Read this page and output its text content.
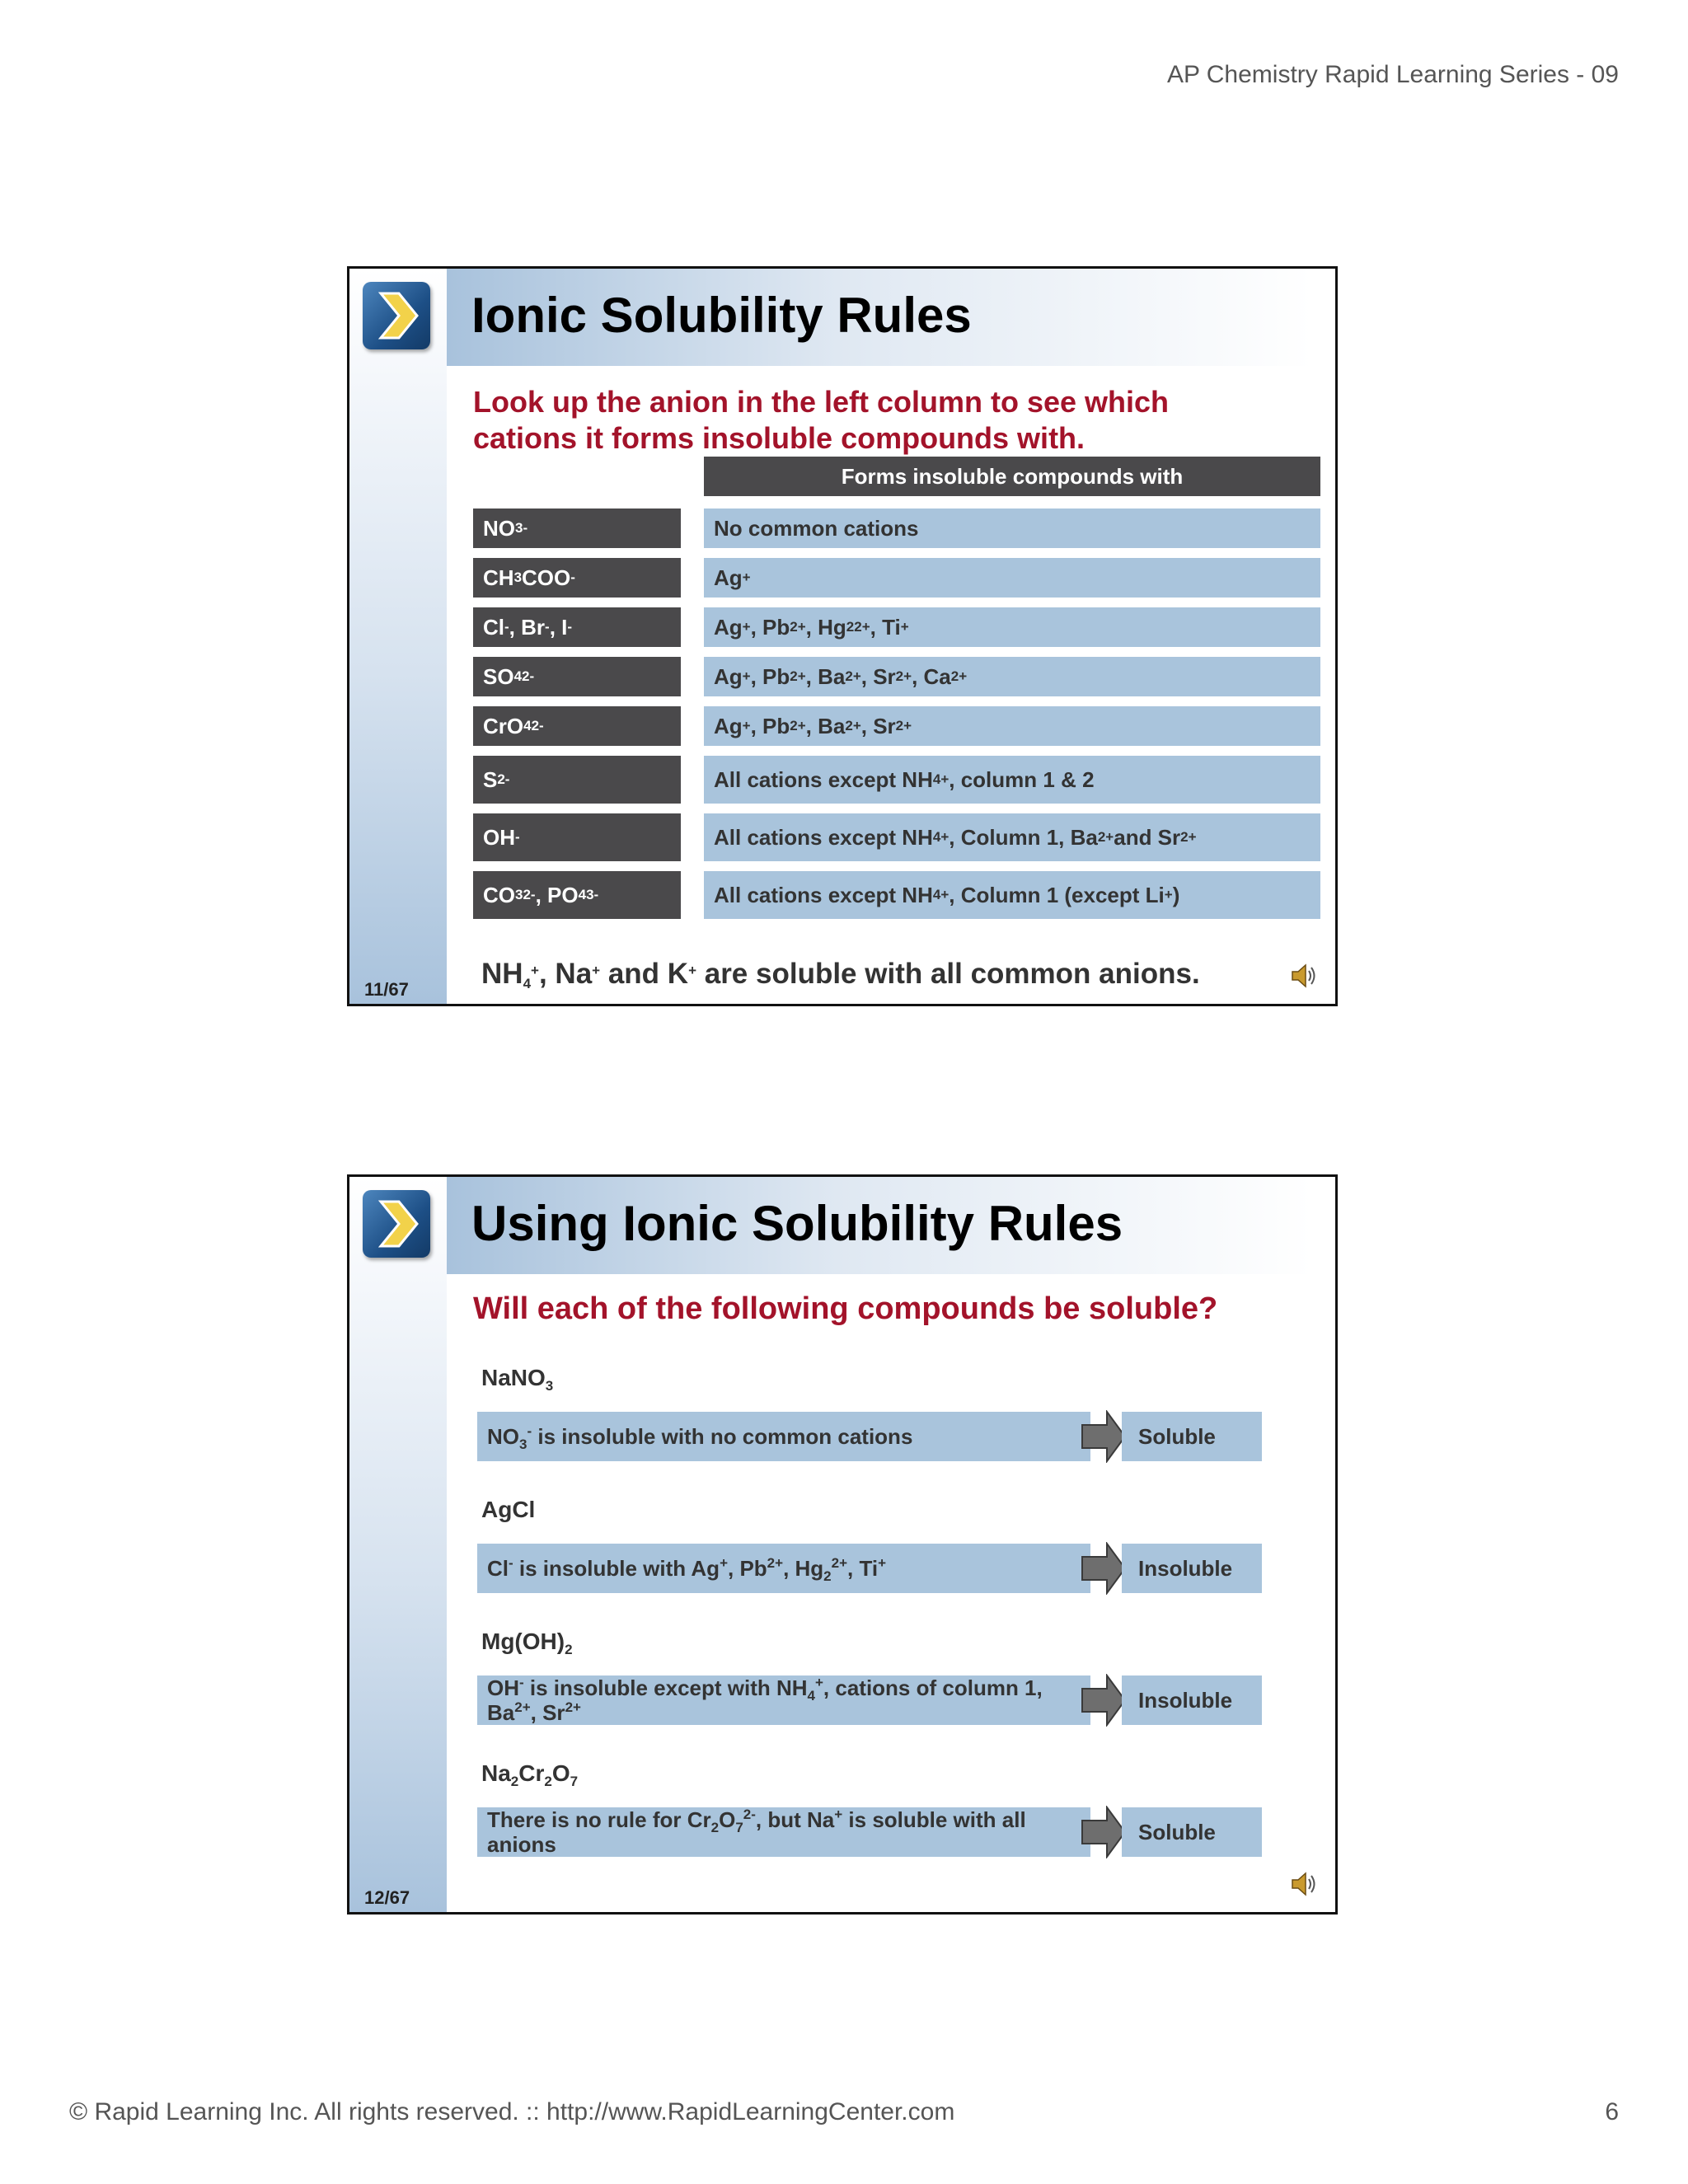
AP Chemistry Rapid Learning Series - 09
Ionic Solubility Rules
Look up the anion in the left column to see which
cations it forms insoluble compounds with.
Forms insoluble compounds with
NO 3 -	No common cations
CH 3 COO -	Ag +
Cl - , Br - , I -	Ag + , Pb 2+ , Hg 2 2+ , Ti +
SO 4 2-	Ag + , Pb 2+ , Ba 2+ , Sr 2+ , Ca 2+
CrO 4 2-	Ag + , Pb 2+ , Ba 2+ , Sr 2+
S 2-	All cations except NH 4 + , column 1 & 2
OH -	All cations except NH 4 + , Column 1, Ba 2+ and Sr 2+
CO 3 2- , PO 4 3-	All cations except NH 4 + , Column 1 (except Li + )
$NH_4^+$, Na+ and K+ are soluble with all common anions.
11/67
Using Ionic Solubility Rules
Will each of the following compounds be soluble?
NaNO$_3$
$NO_3^-$ is insoluble with no common cations	Soluble
AgCl
Cl- is insoluble with Ag+, $Pb^{2+}$, $Hg_2^{2+}$, Ti+	Insoluble
$Mg(OH)_2$
OH- is insoluble except with $NH_4^+$, cations of column 1,
$Ba^{2+}$, $Sr^{2+}$	Insoluble
$Na_2Cr_2O_7$
There is no rule for $Cr_2O_7^{2-}$, but Na+ is soluble with all
anions
Soluble
12/67
© Rapid Learning Inc. All rights reserved. :: http://www.RapidLearningCenter.com	6
